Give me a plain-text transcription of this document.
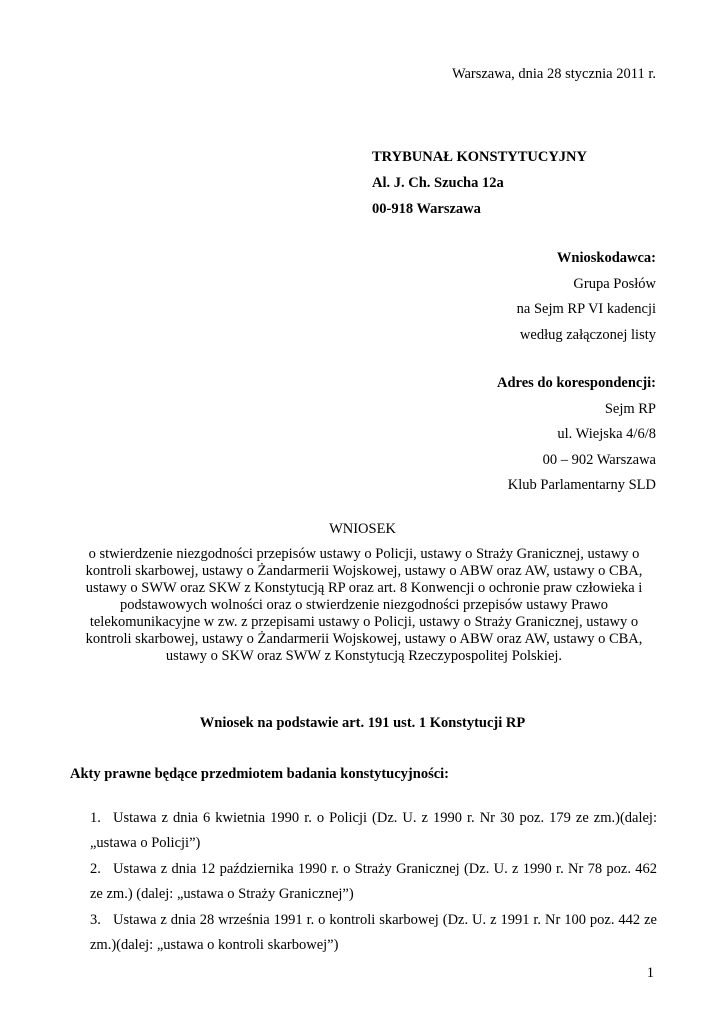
Warszawa, dnia 28 stycznia 2011 r.
TRYBUNAŁ KONSTYTUCYJNY
Al. J. Ch. Szucha 12a
00-918 Warszawa
Wnioskodawca:
Grupa Posłów
na Sejm RP VI kadencji
według załączonej listy
Adres do korespondencji:
Sejm RP
ul. Wiejska 4/6/8
00 – 902 Warszawa
Klub Parlamentarny SLD
WNIOSEK
o stwierdzenie niezgodności przepisów ustawy o Policji, ustawy o Straży Granicznej, ustawy o kontroli skarbowej, ustawy o Żandarmerii Wojskowej, ustawy o ABW oraz AW, ustawy o CBA, ustawy o SWW oraz SKW z Konstytucją RP oraz art. 8 Konwencji o ochronie praw człowieka i podstawowych wolności oraz o stwierdzenie niezgodności przepisów ustawy Prawo telekomunikacyjne w zw. z przepisami ustawy o Policji, ustawy o Straży Granicznej, ustawy o kontroli skarbowej, ustawy o Żandarmerii Wojskowej, ustawy o ABW oraz AW, ustawy o CBA, ustawy o SKW oraz SWW z Konstytucją Rzeczypospolitej Polskiej.
Wniosek na podstawie art. 191 ust. 1 Konstytucji RP
Akty prawne będące przedmiotem badania konstytucyjności:
1. Ustawa z dnia 6 kwietnia 1990 r. o Policji (Dz. U. z 1990 r. Nr 30 poz. 179 ze zm.)(dalej: „ustawa o Policji”)
2. Ustawa z dnia 12 października 1990 r. o Straży Granicznej (Dz. U. z 1990 r. Nr 78 poz. 462 ze zm.) (dalej: „ustawa o Straży Granicznej”)
3. Ustawa z dnia 28 września 1991 r. o kontroli skarbowej (Dz. U. z 1991 r. Nr 100 poz. 442 ze zm.)(dalej: „ustawa o kontroli skarbowej”)
1
